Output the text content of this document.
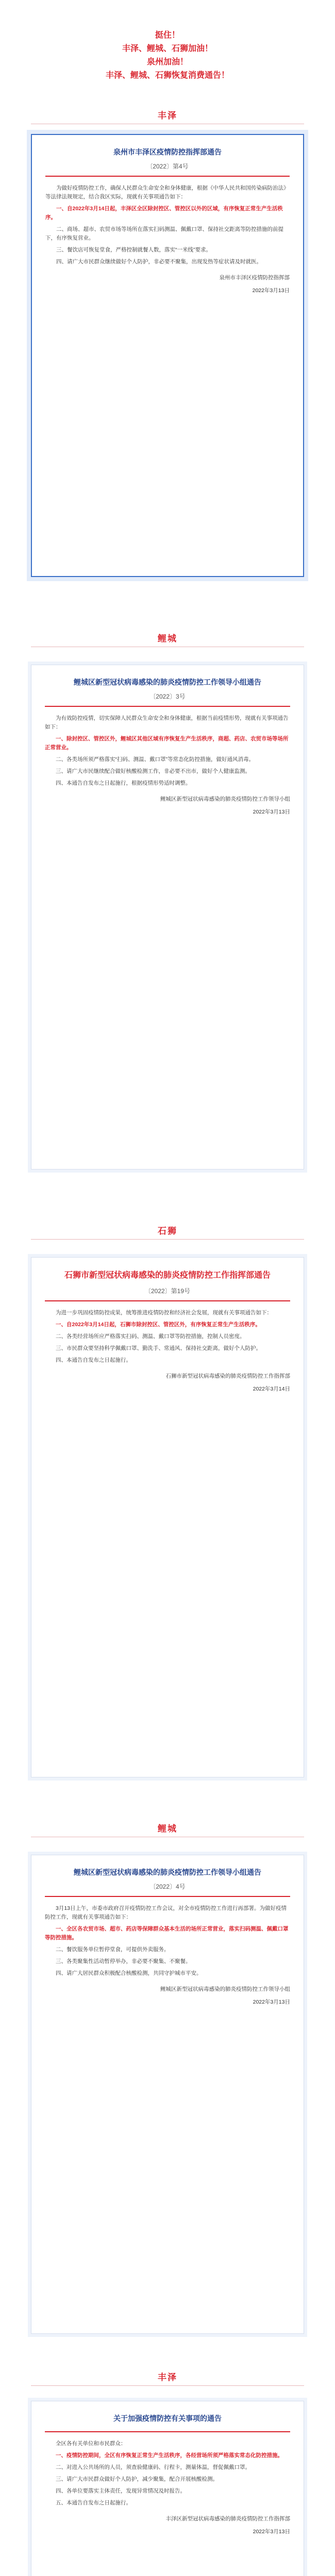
挺住！
丰泽、鲤城、石狮加油！
泉州加油！
丰泽、鲤城、石狮恢复消费通告！
丰泽
泉州市丰泽区疫情防控指挥部通告
〔2022〕第4号

为做好疫情防控工作，确保人民群众生命安全和身体健康，根据《中华人民共和国传染病防治法》等法律法规规定，结合我区实际，现就有关事项通告如下：

一、自2022年3月14日起，丰泽区全区除封控区、管控区以外的区域，有序恢复正常生产生活秩序。

二、商场、超市、农贸市场等场所在落实扫码测温、佩戴口罩、保持社交距离等防控措施的前提下，有序恢复营业。

三、餐饮店可恢复堂食，严格控制就餐人数，落实“一米线”要求。

四、请广大市民群众继续做好个人防护，非必要不聚集，出现发热等症状请及时就医。

泉州市丰泽区疫情防控指挥部
2022年3月13日
鲤城
鲤城区新型冠状病毒感染的肺炎疫情防控工作领导小组通告
〔2022〕3号

为有效防控疫情，切实保障人民群众生命安全和身体健康，根据当前疫情形势，现就有关事项通告如下：

一、除封控区、管控区外，鲤城区其他区域有序恢复生产生活秩序，商超、药店、农贸市场等场所正常营业。

二、各类场所须严格落实“扫码、测温、戴口罩”等常态化防控措施，做好通风消毒。

三、请广大市民继续配合做好核酸检测工作，非必要不出市，做好个人健康监测。

四、本通告自发布之日起施行，根据疫情形势适时调整。

鲤城区新型冠状病毒感染的肺炎疫情防控工作领导小组
2022年3月13日
石狮
石狮市新型冠状病毒感染的肺炎疫情防控工作指挥部通告
〔2022〕第19号

为进一步巩固疫情防控成果，统筹推进疫情防控和经济社会发展，现就有关事项通告如下：

一、自2022年3月14日起，石狮市除封控区、管控区外，有序恢复正常生产生活秩序。

二、各类经营场所应严格落实扫码、测温、戴口罩等防控措施，控制人员密度。

三、市民群众要坚持科学佩戴口罩、勤洗手、常通风、保持社交距离，做好个人防护。

四、本通告自发布之日起施行。

石狮市新型冠状病毒感染的肺炎疫情防控工作指挥部
2022年3月14日
鲤城
鲤城区新型冠状病毒感染的肺炎疫情防控工作领导小组通告
〔2022〕4号

3月13日上午，市委市政府召开疫情防控工作会议，对全市疫情防控工作进行再部署。为做好疫情防控工作，现就有关事项通告如下：

一、全区各农贸市场、超市、药店等保障群众基本生活的场所正常营业，落实扫码测温、佩戴口罩等防控措施。

二、餐饮服务单位暂停堂食，可提供外卖服务。

三、各类聚集性活动暂停举办，非必要不聚集、不聚餐。

四、请广大居民群众积极配合核酸检测，共同守护城市平安。

鲤城区新型冠状病毒感染的肺炎疫情防控工作领导小组
2022年3月13日
丰泽
关于加强疫情防控有关事项的通告

全区各有关单位和市民群众：

一、疫情防控期间，全区有序恢复正常生产生活秩序，各经营场所须严格落实常态化防控措施。

二、对进入公共场所的人员，须查验健康码、行程卡，测量体温，督促佩戴口罩。

三、请广大市民群众做好个人防护，减少聚集，配合开展核酸检测。

四、各单位要落实主体责任，发现异常情况及时报告。

五、本通告自发布之日起施行。

丰泽区新型冠状病毒感染的肺炎疫情防控工作指挥部
2022年3月13日
